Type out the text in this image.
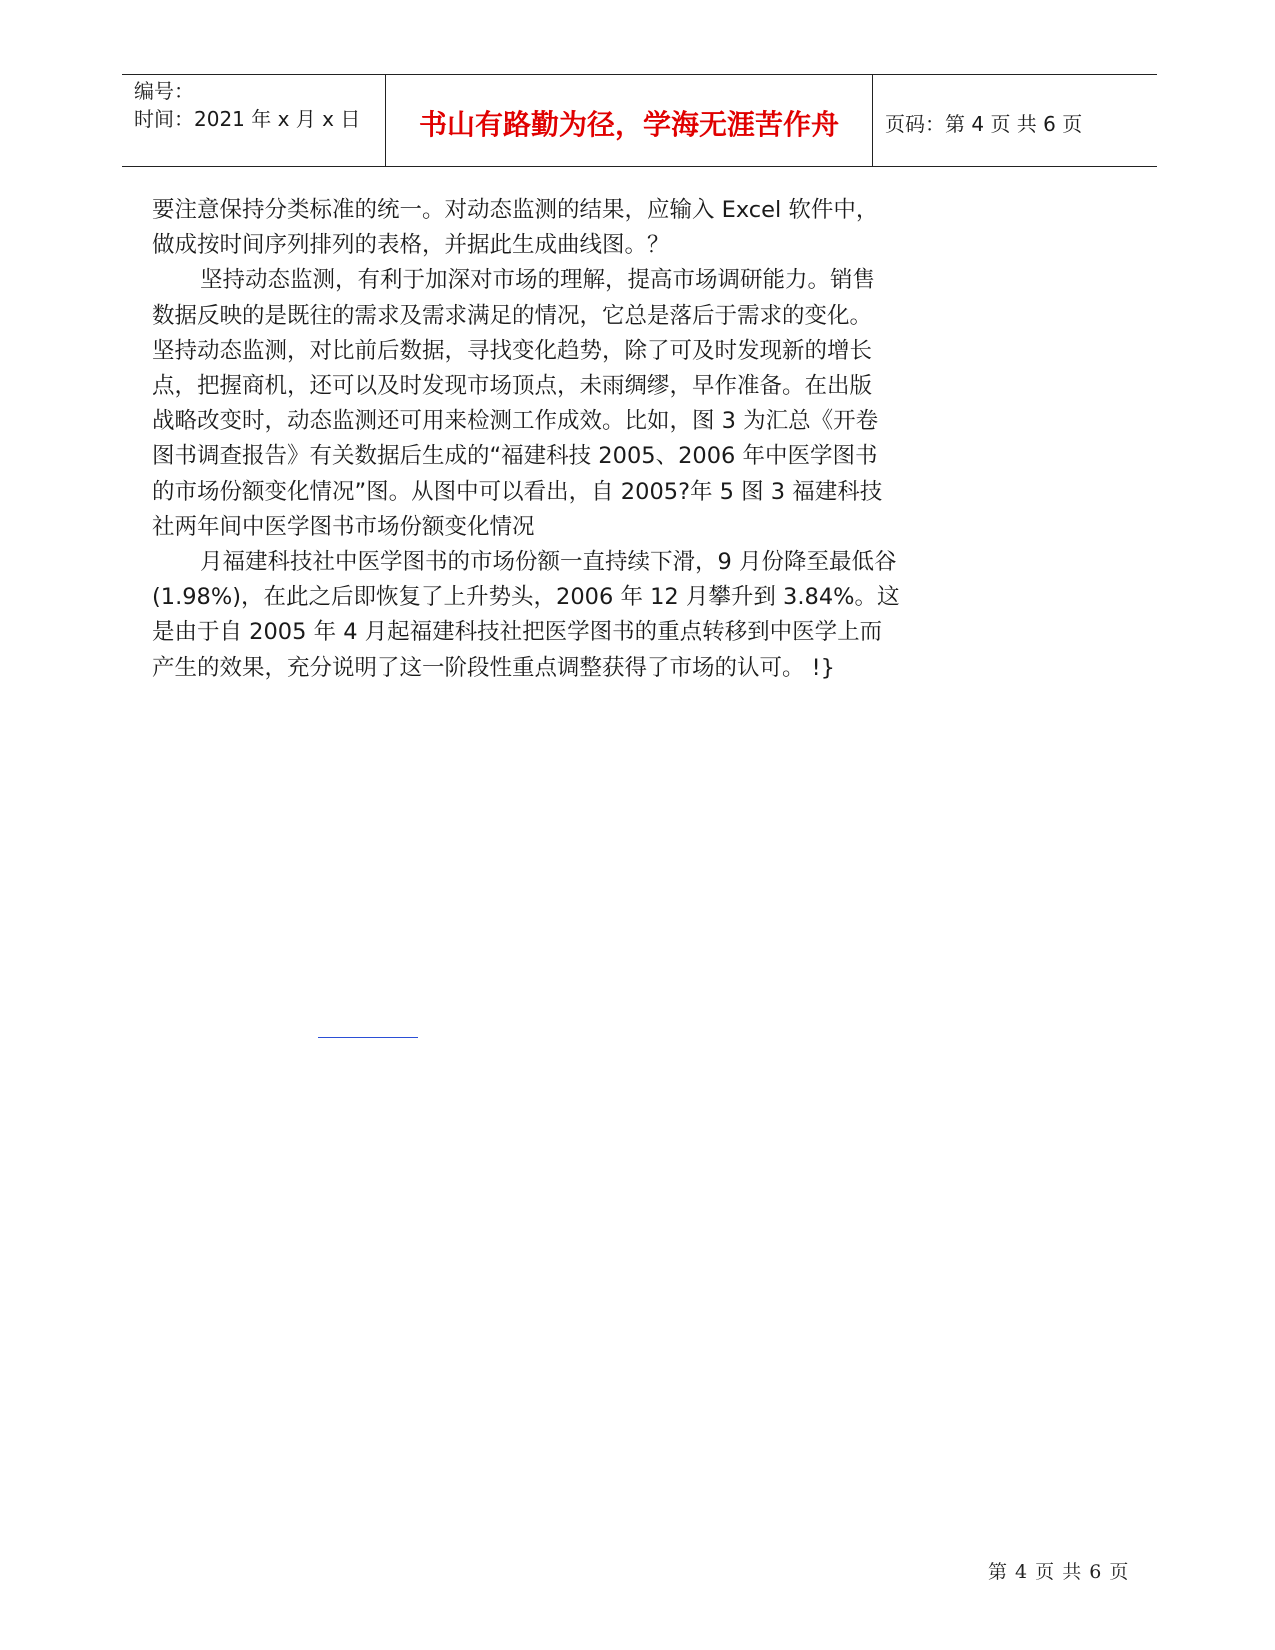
编号：
时间：2021 年 x 月 x 日	书山有路勤为径，学海无涯苦作舟	页码：第 4 页 共 6 页
要注意保持分类标准的统一。对动态监测的结果，应输入 Excel 软件中，
做成按时间序列排列的表格，并据此生成曲线图。？
坚持动态监测，有利于加深对市场的理解，提高市场调研能力。销售
数据反映的是既往的需求及需求满足的情况，它总是落后于需求的变化。
坚持动态监测，对比前后数据，寻找变化趋势，除了可及时发现新的增长
点，把握商机，还可以及时发现市场顶点，未雨绸缪，早作准备。在出版
战略改变时，动态监测还可用来检测工作成效。比如，图 3 为汇总《开卷
图书调查报告》有关数据后生成的“福建科技 2005、2006 年中医学图书
的市场份额变化情况”图。从图中可以看出，自 2005?年 5 图 3 福建科技
社两年间中医学图书市场份额变化情况
月福建科技社中医学图书的市场份额一直持续下滑，9 月份降至最低谷
(1.98%)，在此之后即恢复了上升势头，2006 年 12 月攀升到 3.84%。这
是由于自 2005 年 4 月起福建科技社把医学图书的重点转移到中医学上而
产生的效果，充分说明了这一阶段性重点调整获得了市场的认可。 !}
第 4 页 共 6 页
